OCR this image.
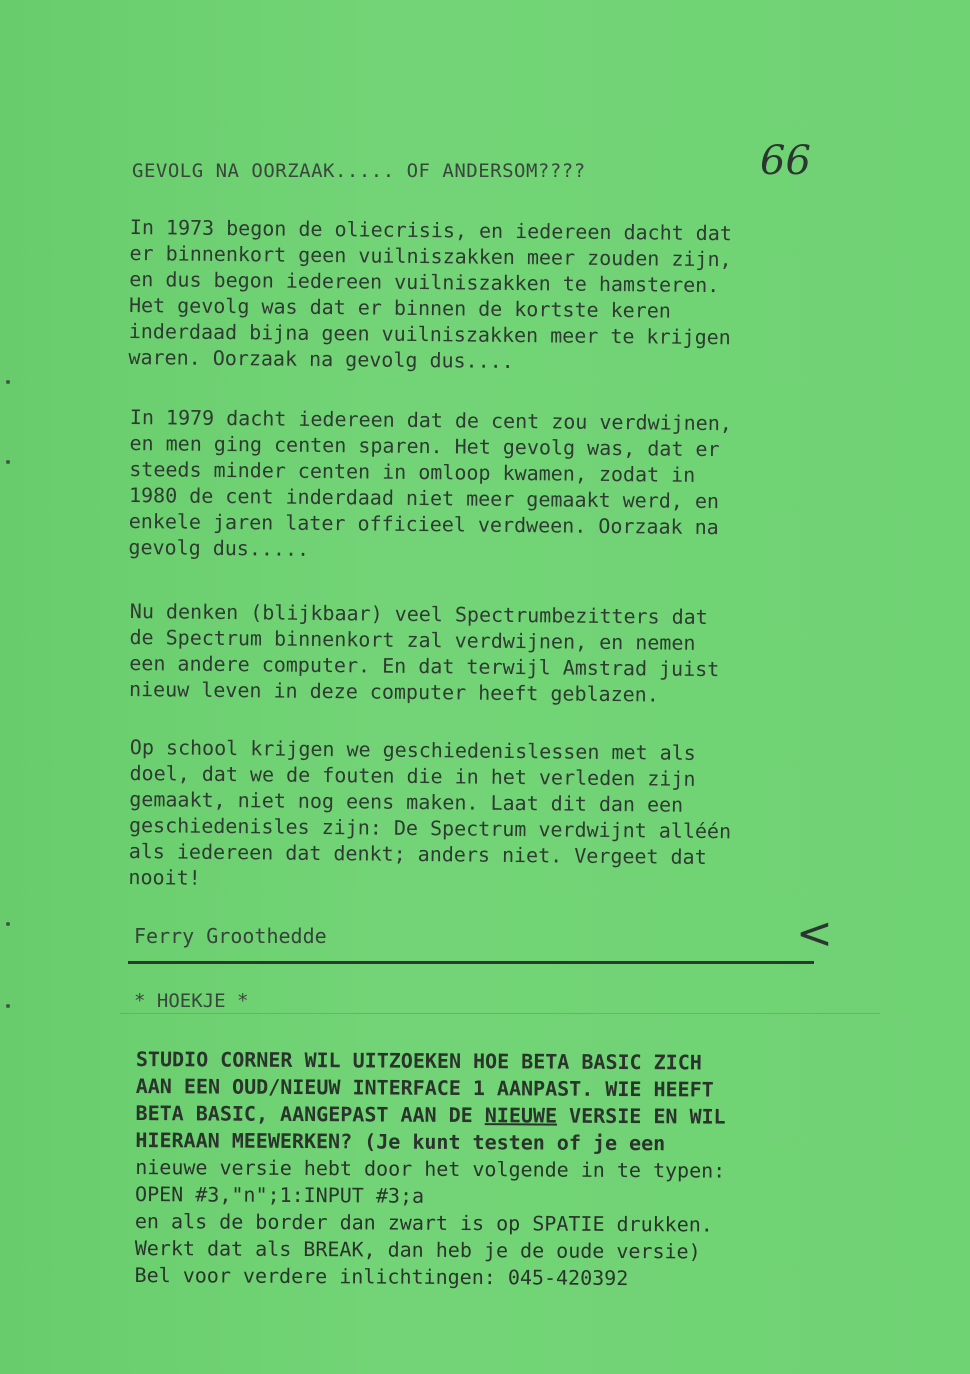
GEVOLG NA OORZAAK..... OF ANDERSOM????	66
In 1973 begon de oliecrisis, en iedereen dacht dat
er binnenkort geen vuilniszakken meer zouden zijn,
en dus begon iedereen vuilniszakken te hamsteren.
Het gevolg was dat er binnen de kortste keren
inderdaad bijna geen vuilniszakken meer te krijgen
waren. Oorzaak na gevolg dus....
In 1979 dacht iedereen dat de cent zou verdwijnen,
en men ging centen sparen. Het gevolg was, dat er
steeds minder centen in omloop kwamen, zodat in
1980 de cent inderdaad niet meer gemaakt werd, en
enkele jaren later officieel verdween. Oorzaak na
gevolg dus.....
Nu denken (blijkbaar) veel Spectrumbezitters dat
de Spectrum binnenkort zal verdwijnen, en nemen
een andere computer. En dat terwijl Amstrad juist
nieuw leven in deze computer heeft geblazen.
Op school krijgen we geschiedenislessen met als
doel, dat we de fouten die in het verleden zijn
gemaakt, niet nog eens maken. Laat dit dan een
geschiedenisles zijn: De Spectrum verdwijnt alléén
als iedereen dat denkt; anders niet. Vergeet dat
nooit!
Ferry Groothedde	<
* HOEKJE *
STUDIO CORNER WIL UITZOEKEN HOE BETA BASIC ZICH
AAN EEN OUD/NIEUW INTERFACE 1 AANPAST. WIE HEEFT
BETA BASIC, AANGEPAST AAN DE NIEUWE VERSIE EN WIL
HIERAAN MEEWERKEN? (Je kunt testen of je een
nieuwe versie hebt door het volgende in te typen:
OPEN #3,"n";1:INPUT #3;a
en als de border dan zwart is op SPATIE drukken.
Werkt dat als BREAK, dan heb je de oude versie)
Bel voor verdere inlichtingen: 045-420392
